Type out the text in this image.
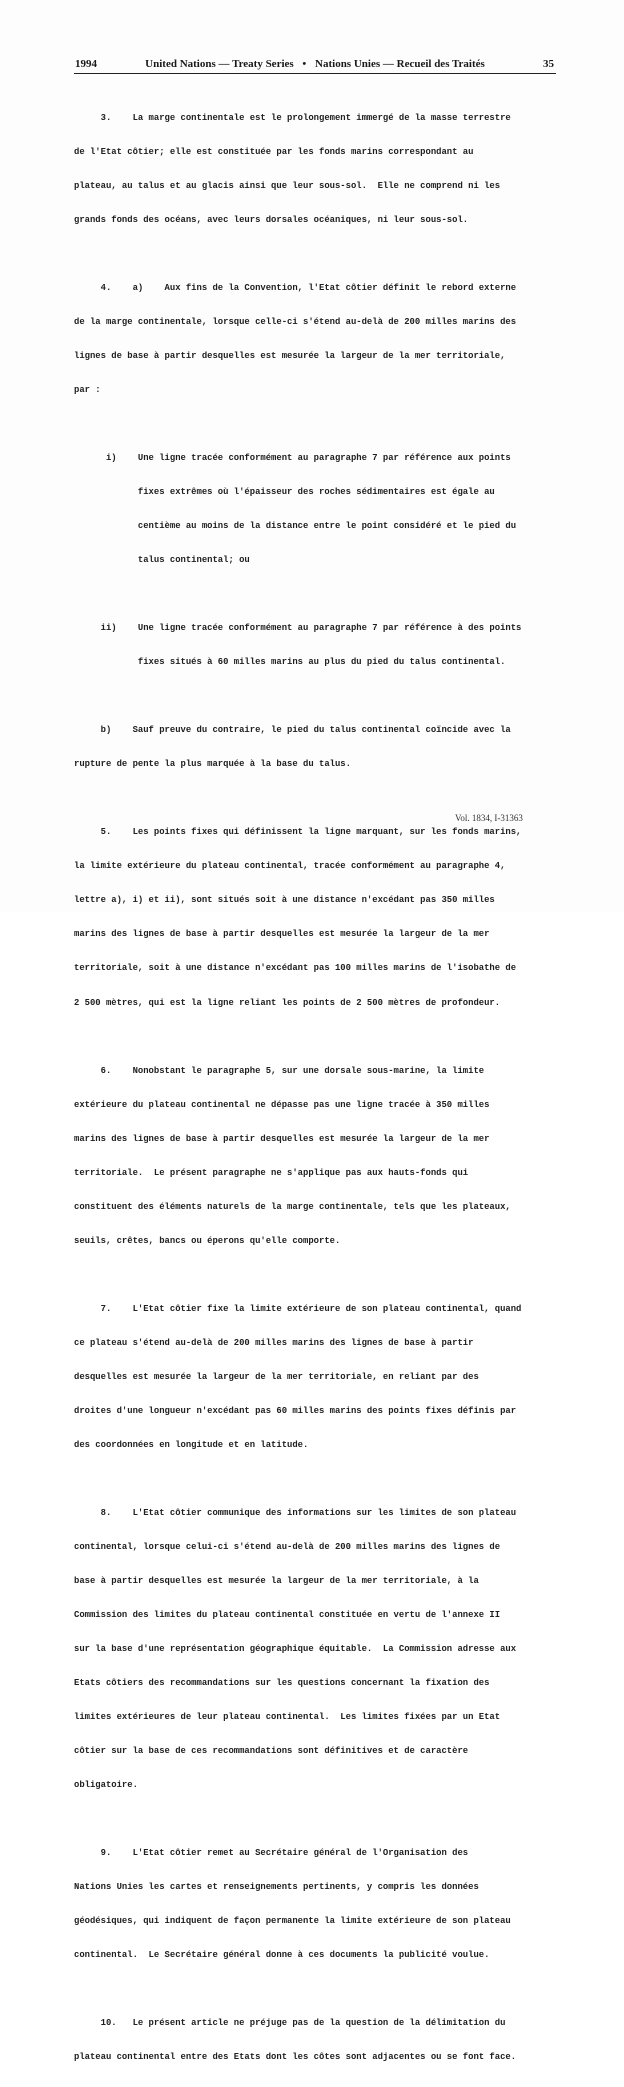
1994	United Nations — Treaty Series • Nations Unies — Recueil des Traités	35

3.    La marge continentale est le prolongement immergé de la masse terrestre

de l'Etat côtier; elle est constituée par les fonds marins correspondant au

plateau, au talus et au glacis ainsi que leur sous-sol.  Elle ne comprend ni les

grands fonds des océans, avec leurs dorsales océaniques, ni leur sous-sol.

4.    a)    Aux fins de la Convention, l'Etat côtier définit le rebord externe

de la marge continentale, lorsque celle-ci s'étend au-delà de 200 milles marins des

lignes de base à partir desquelles est mesurée la largeur de la mer territoriale,

par :

i)    Une ligne tracée conformément au paragraphe 7 par référence aux points

fixes extrêmes où l'épaisseur des roches sédimentaires est égale au

centième au moins de la distance entre le point considéré et le pied du

talus continental; ou

ii)    Une ligne tracée conformément au paragraphe 7 par référence à des points

fixes situés à 60 milles marins au plus du pied du talus continental.

b)    Sauf preuve du contraire, le pied du talus continental coïncide avec la

rupture de pente la plus marquée à la base du talus.

5.    Les points fixes qui définissent la ligne marquant, sur les fonds marins,

la limite extérieure du plateau continental, tracée conformément au paragraphe 4,

lettre a), i) et ii), sont situés soit à une distance n'excédant pas 350 milles

marins des lignes de base à partir desquelles est mesurée la largeur de la mer

territoriale, soit à une distance n'excédant pas 100 milles marins de l'isobathe de

2 500 mètres, qui est la ligne reliant les points de 2 500 mètres de profondeur.

6.    Nonobstant le paragraphe 5, sur une dorsale sous-marine, la limite

extérieure du plateau continental ne dépasse pas une ligne tracée à 350 milles

marins des lignes de base à partir desquelles est mesurée la largeur de la mer

territoriale.  Le présent paragraphe ne s'applique pas aux hauts-fonds qui

constituent des éléments naturels de la marge continentale, tels que les plateaux,

seuils, crêtes, bancs ou éperons qu'elle comporte.

7.    L'Etat côtier fixe la limite extérieure de son plateau continental, quand

ce plateau s'étend au-delà de 200 milles marins des lignes de base à partir

desquelles est mesurée la largeur de la mer territoriale, en reliant par des

droites d'une longueur n'excédant pas 60 milles marins des points fixes définis par

des coordonnées en longitude et en latitude.

8.    L'Etat côtier communique des informations sur les limites de son plateau

continental, lorsque celui-ci s'étend au-delà de 200 milles marins des lignes de

base à partir desquelles est mesurée la largeur de la mer territoriale, à la

Commission des limites du plateau continental constituée en vertu de l'annexe II

sur la base d'une représentation géographique équitable.  La Commission adresse aux

Etats côtiers des recommandations sur les questions concernant la fixation des

limites extérieures de leur plateau continental.  Les limites fixées par un Etat

côtier sur la base de ces recommandations sont définitives et de caractère

obligatoire.

9.    L'Etat côtier remet au Secrétaire général de l'Organisation des

Nations Unies les cartes et renseignements pertinents, y compris les données

géodésiques, qui indiquent de façon permanente la limite extérieure de son plateau

continental.  Le Secrétaire général donne à ces documents la publicité voulue.

10.   Le présent article ne préjuge pas de la question de la délimitation du

plateau continental entre des Etats dont les côtes sont adjacentes ou se font face.

Vol. 1834, I-31363
